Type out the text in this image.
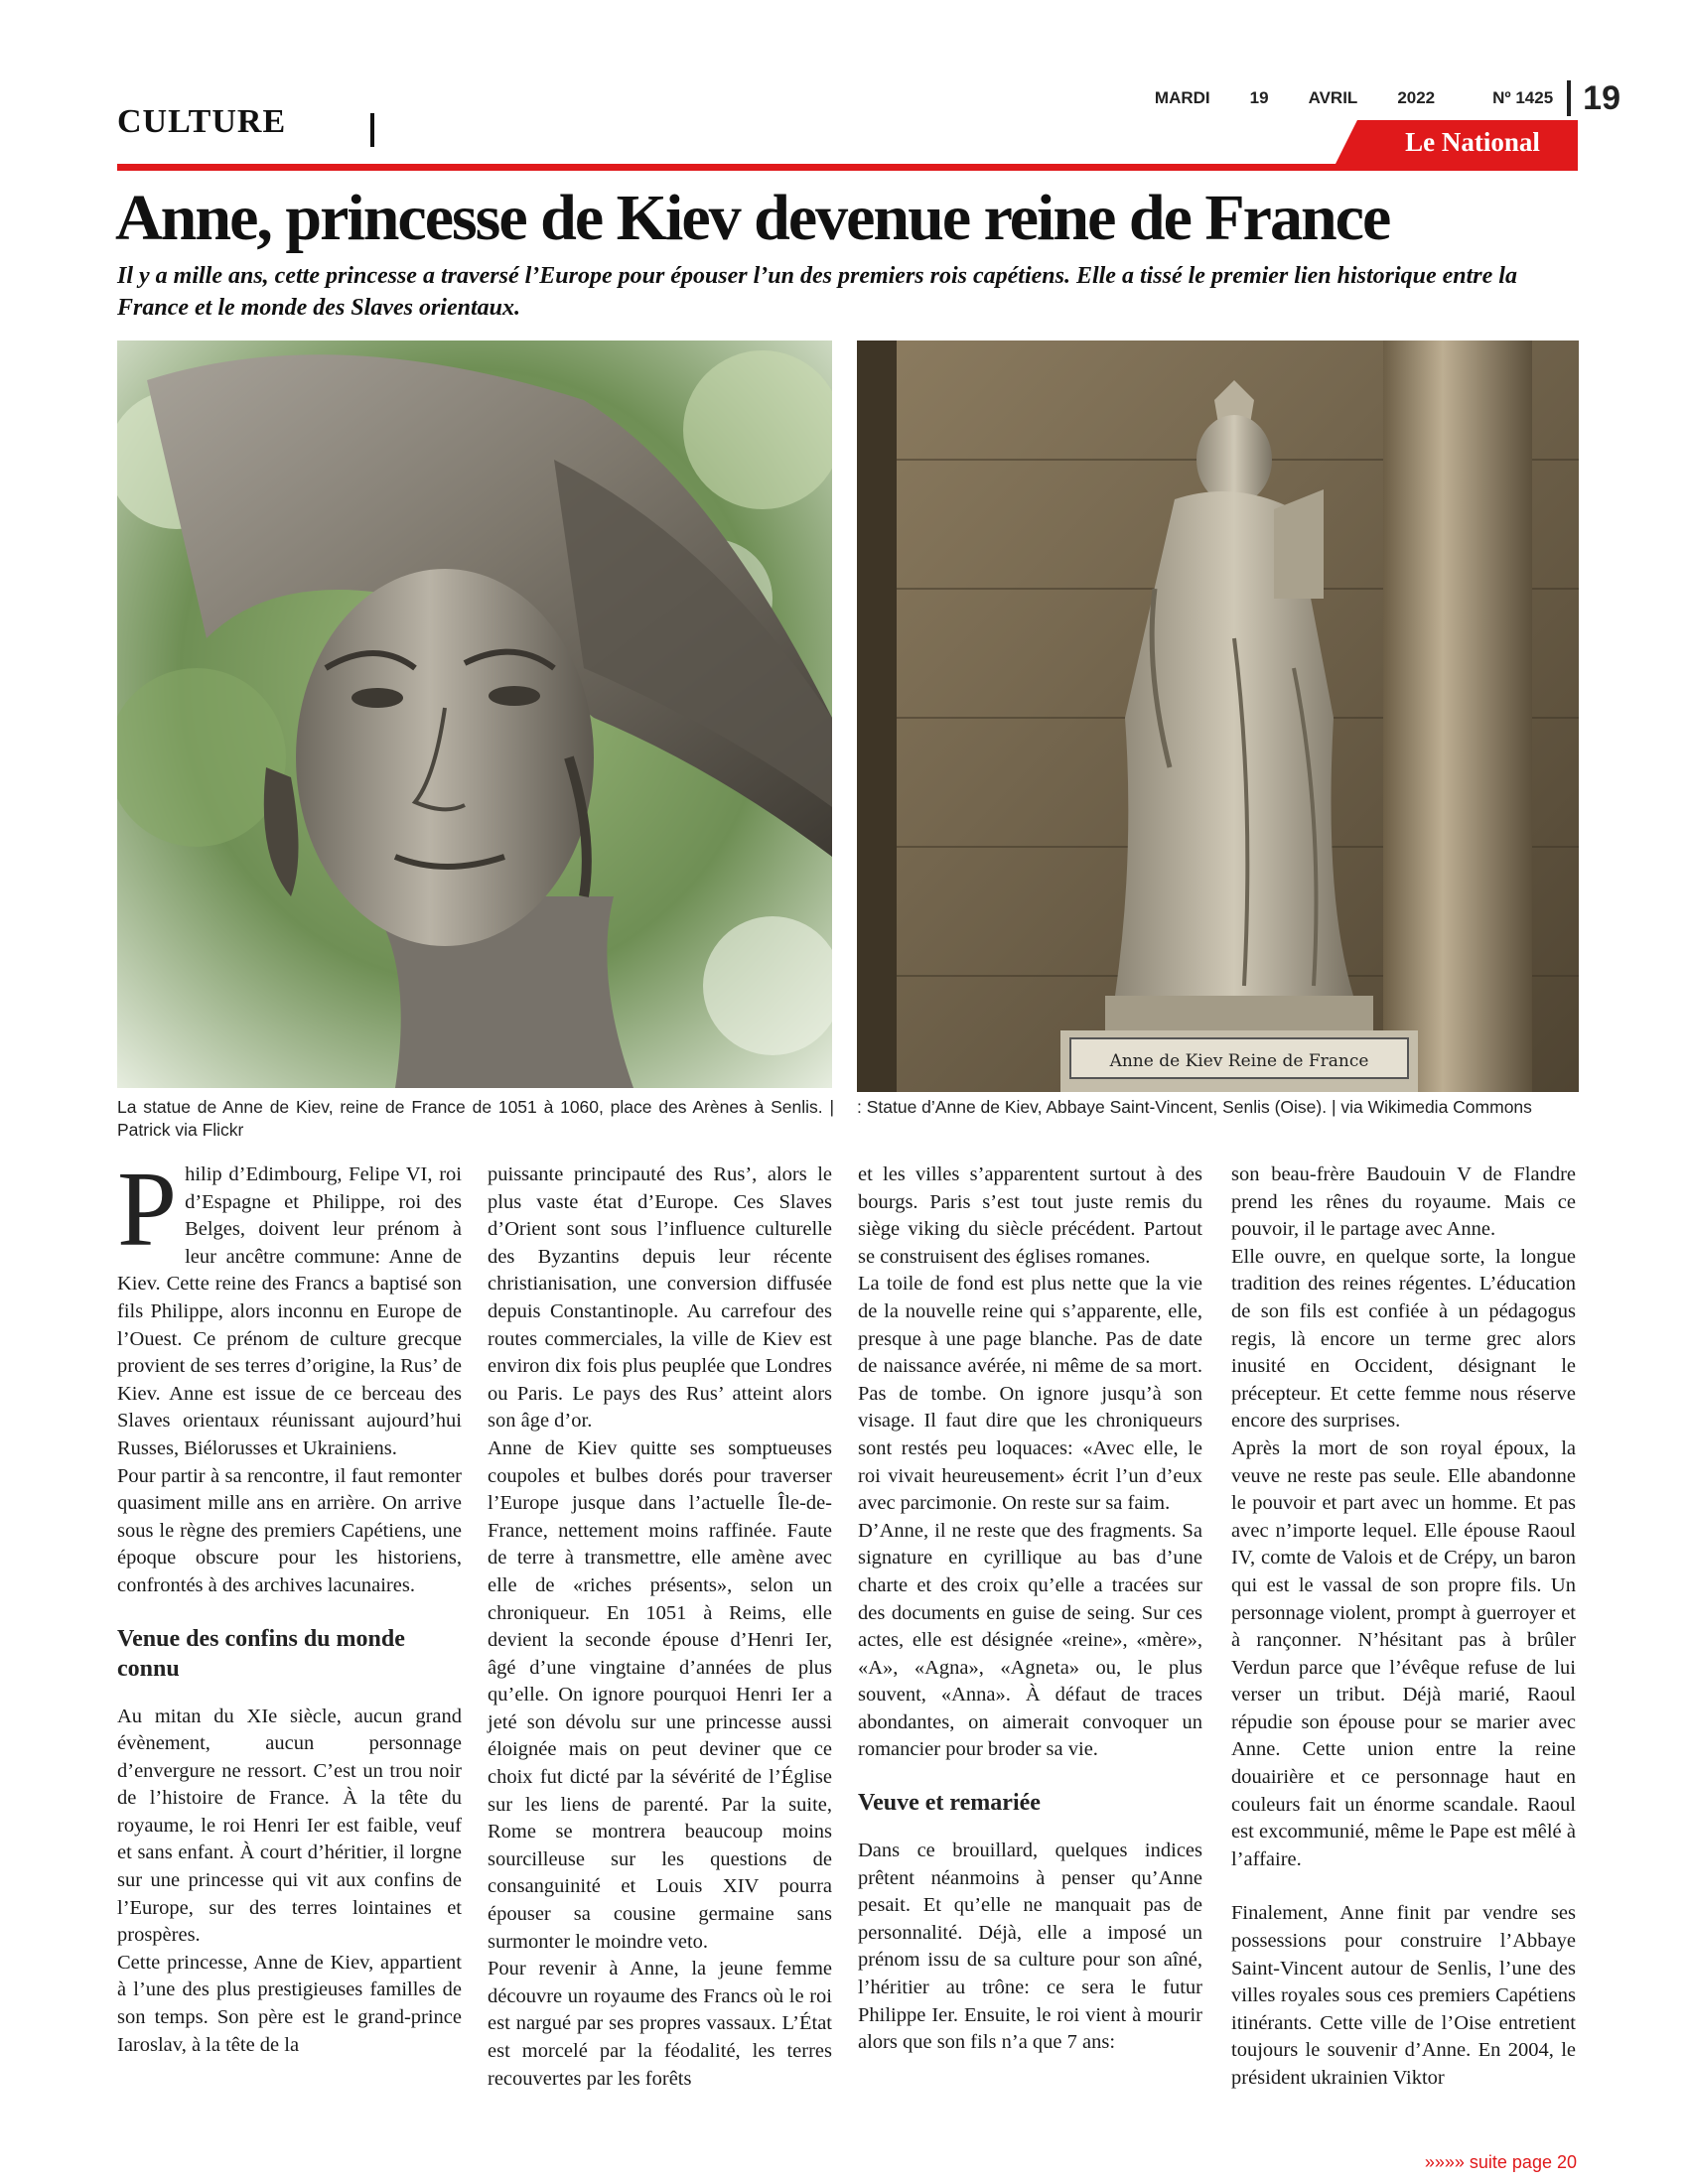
MARDI 19 AVRIL 2022	Nº 1425 19
CULTURE
Le National
Anne, princesse de Kiev devenue reine de France

Il y a mille ans, cette princesse a traversé l’Europe pour épouser l’un des premiers rois capétiens. Elle a tissé le premier lien historique entre la France et le monde des Slaves orientaux.

Anne de Kiev Reine de France

La statue de Anne de Kiev, reine de France de 1051 à 1060, place des Arènes à Senlis. | Patrick via Flickr

: Statue d’Anne de Kiev, Abbaye Saint-Vincent, Senlis (Oise). | via Wikimedia Commons

Philip d’Edimbourg, Felipe VI, roi d’Espagne et Philippe, roi des Belges, doivent leur prénom à leur ancêtre commune: Anne de Kiev. Cette reine des Francs a baptisé son fils Philippe, alors inconnu en Europe de l’Ouest. Ce prénom de culture grecque provient de ses terres d’origine, la Rus’ de Kiev. Anne est issue de ce berceau des Slaves orientaux réunissant aujourd’hui Russes, Biélorusses et Ukrainiens.

Pour partir à sa rencontre, il faut remonter quasiment mille ans en arrière. On arrive sous le règne des premiers Capétiens, une époque obscure pour les historiens, confrontés à des archives lacunaires.

Venue des confins du monde connu

Au mitan du XIe siècle, aucun grand évènement, aucun personnage d’envergure ne ressort. C’est un trou noir de l’histoire de France. À la tête du royaume, le roi Henri Ier est faible, veuf et sans enfant. À court d’héritier, il lorgne sur une princesse qui vit aux confins de l’Europe, sur des terres lointaines et prospères.

Cette princesse, Anne de Kiev, appartient à l’une des plus prestigieuses familles de son temps. Son père est le grand-prince Iaroslav, à la tête de la

puissante principauté des Rus’, alors le plus vaste état d’Europe. Ces Slaves d’Orient sont sous l’influence culturelle des Byzantins depuis leur récente christianisation, une conversion diffusée depuis Constantinople. Au carrefour des routes commerciales, la ville de Kiev est environ dix fois plus peuplée que Londres ou Paris. Le pays des Rus’ atteint alors son âge d’or.

Anne de Kiev quitte ses somptueuses coupoles et bulbes dorés pour traverser l’Europe jusque dans l’actuelle Île-de-France, nettement moins raffinée. Faute de terre à transmettre, elle amène avec elle de «riches présents», selon un chroniqueur. En 1051 à Reims, elle devient la seconde épouse d’Henri Ier, âgé d’une vingtaine d’années de plus qu’elle. On ignore pourquoi Henri Ier a jeté son dévolu sur une princesse aussi éloignée mais on peut deviner que ce choix fut dicté par la sévérité de l’Église sur les liens de parenté. Par la suite, Rome se montrera beaucoup moins sourcilleuse sur les questions de consanguinité et Louis XIV pourra épouser sa cousine germaine sans surmonter le moindre veto.

Pour revenir à Anne, la jeune femme découvre un royaume des Francs où le roi est nargué par ses propres vassaux. L’État est morcelé par la féodalité, les terres recouvertes par les forêts

et les villes s’apparentent surtout à des bourgs. Paris s’est tout juste remis du siège viking du siècle précédent. Partout se construisent des églises romanes.

La toile de fond est plus nette que la vie de la nouvelle reine qui s’apparente, elle, presque à une page blanche. Pas de date de naissance avérée, ni même de sa mort. Pas de tombe. On ignore jusqu’à son visage. Il faut dire que les chroniqueurs sont restés peu loquaces: «Avec elle, le roi vivait heureusement» écrit l’un d’eux avec parcimonie. On reste sur sa faim.

D’Anne, il ne reste que des fragments. Sa signature en cyrillique au bas d’une charte et des croix qu’elle a tracées sur des documents en guise de seing. Sur ces actes, elle est désignée «reine», «mère», «A», «Agna», «Agneta» ou, le plus souvent, «Anna». À défaut de traces abondantes, on aimerait convoquer un romancier pour broder sa vie.

Veuve et remariée

Dans ce brouillard, quelques indices prêtent néanmoins à penser qu’Anne pesait. Et qu’elle ne manquait pas de personnalité. Déjà, elle a imposé un prénom issu de sa culture pour son aîné, l’héritier au trône: ce sera le futur Philippe Ier. Ensuite, le roi vient à mourir alors que son fils n’a que 7 ans:

son beau-frère Baudouin V de Flandre prend les rênes du royaume. Mais ce pouvoir, il le partage avec Anne.

Elle ouvre, en quelque sorte, la longue tradition des reines régentes. L’éducation de son fils est confiée à un pédagogus regis, là encore un terme grec alors inusité en Occident, désignant le précepteur. Et cette femme nous réserve encore des surprises.

Après la mort de son royal époux, la veuve ne reste pas seule. Elle abandonne le pouvoir et part avec un homme. Et pas avec n’importe lequel. Elle épouse Raoul IV, comte de Valois et de Crépy, un baron qui est le vassal de son propre fils. Un personnage violent, prompt à guerroyer et à rançonner. N’hésitant pas à brûler Verdun parce que l’évêque refuse de lui verser un tribut. Déjà marié, Raoul répudie son épouse pour se marier avec Anne. Cette union entre la reine douairière et ce personnage haut en couleurs fait un énorme scandale. Raoul est excommunié, même le Pape est mêlé à l’affaire.

Finalement, Anne finit par vendre ses possessions pour construire l’Abbaye Saint-Vincent autour de Senlis, l’une des villes royales sous ces premiers Capétiens itinérants. Cette ville de l’Oise entretient toujours le souvenir d’Anne. En 2004, le président ukrainien Viktor

»»»» suite page 20
